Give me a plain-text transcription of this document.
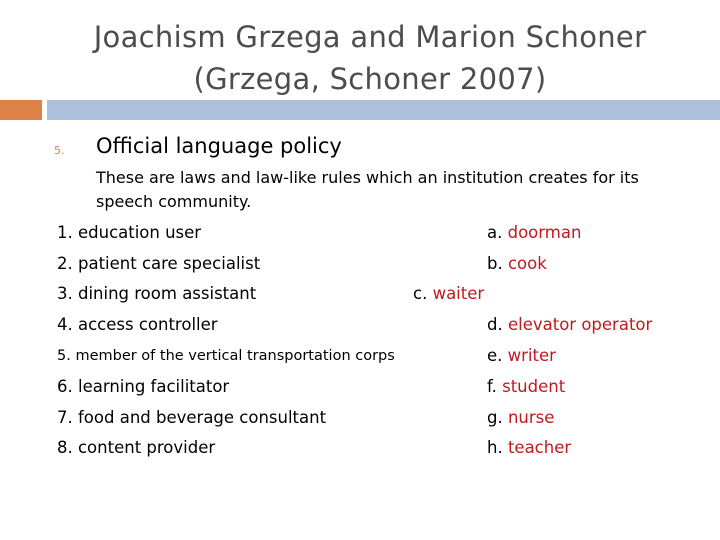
Joachism Grzega and Marion Schoner
(Grzega, Schoner 2007)
5. Official language policy
These are laws and law-like rules which an institution creates for its speech community.
1. education user
2. patient care specialist
3. dining room assistant
4. access controller
5. member of the vertical transportation corps
6. learning facilitator
7. food and beverage consultant
8. content provider
a. doorman
b. cook
c. waiter
d. elevator operator
e. writer
f. student
g. nurse
h. teacher
